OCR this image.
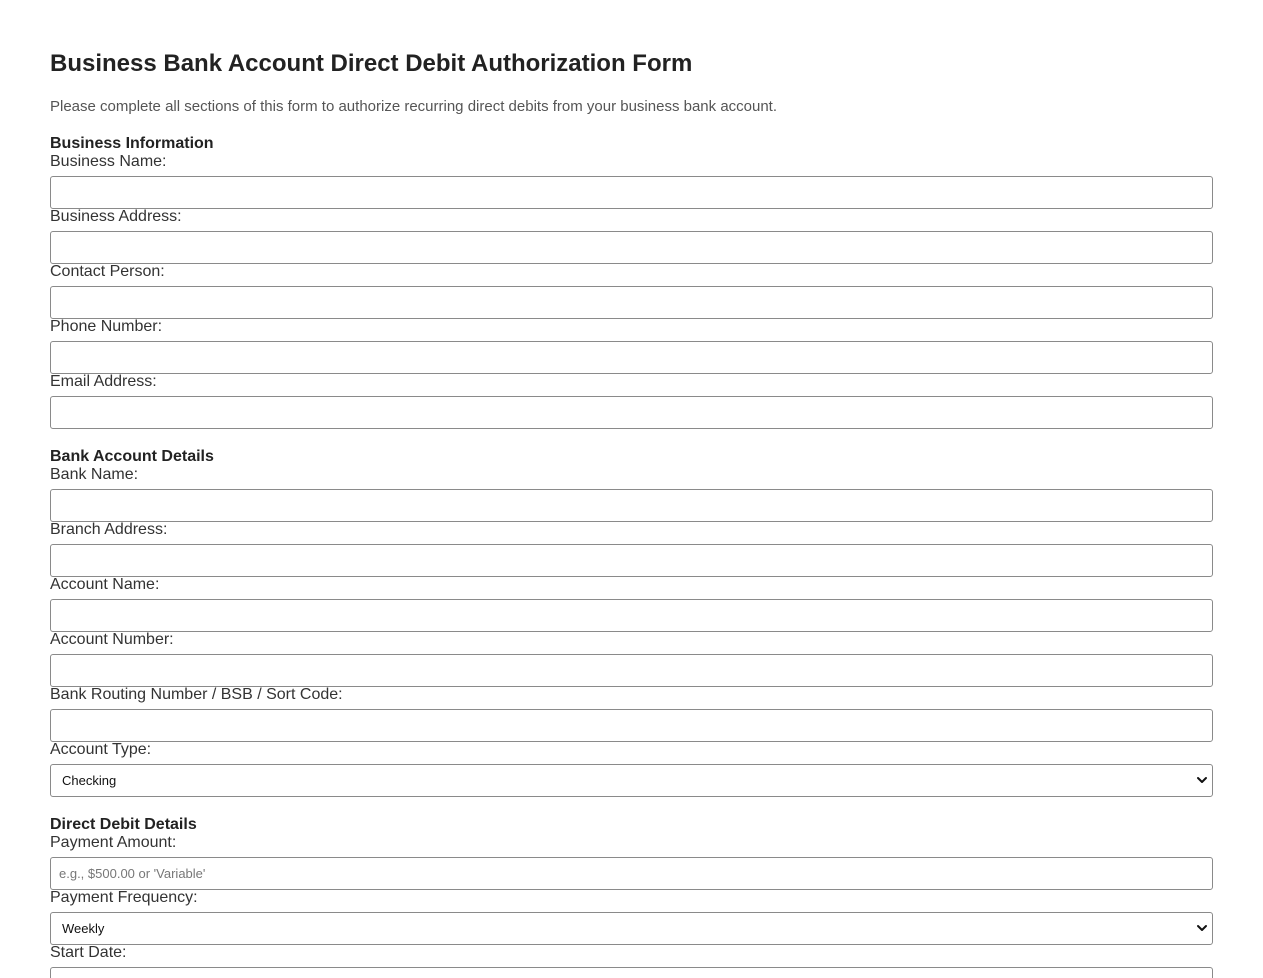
Business Bank Account Direct Debit Authorization Form

Please complete all sections of this form to authorize recurring direct debits from your business bank account.

Business Information
Business Name:
Business Address:
Contact Person:
Phone Number:
Email Address:
Bank Account Details
Bank Name:
Branch Address:
Account Name:
Account Number:
Bank Routing Number / BSB / Sort Code:
Account Type:
Checking
Direct Debit Details
Payment Amount:
e.g., $500.00 or 'Variable'
Payment Frequency:
Weekly
Start Date:
